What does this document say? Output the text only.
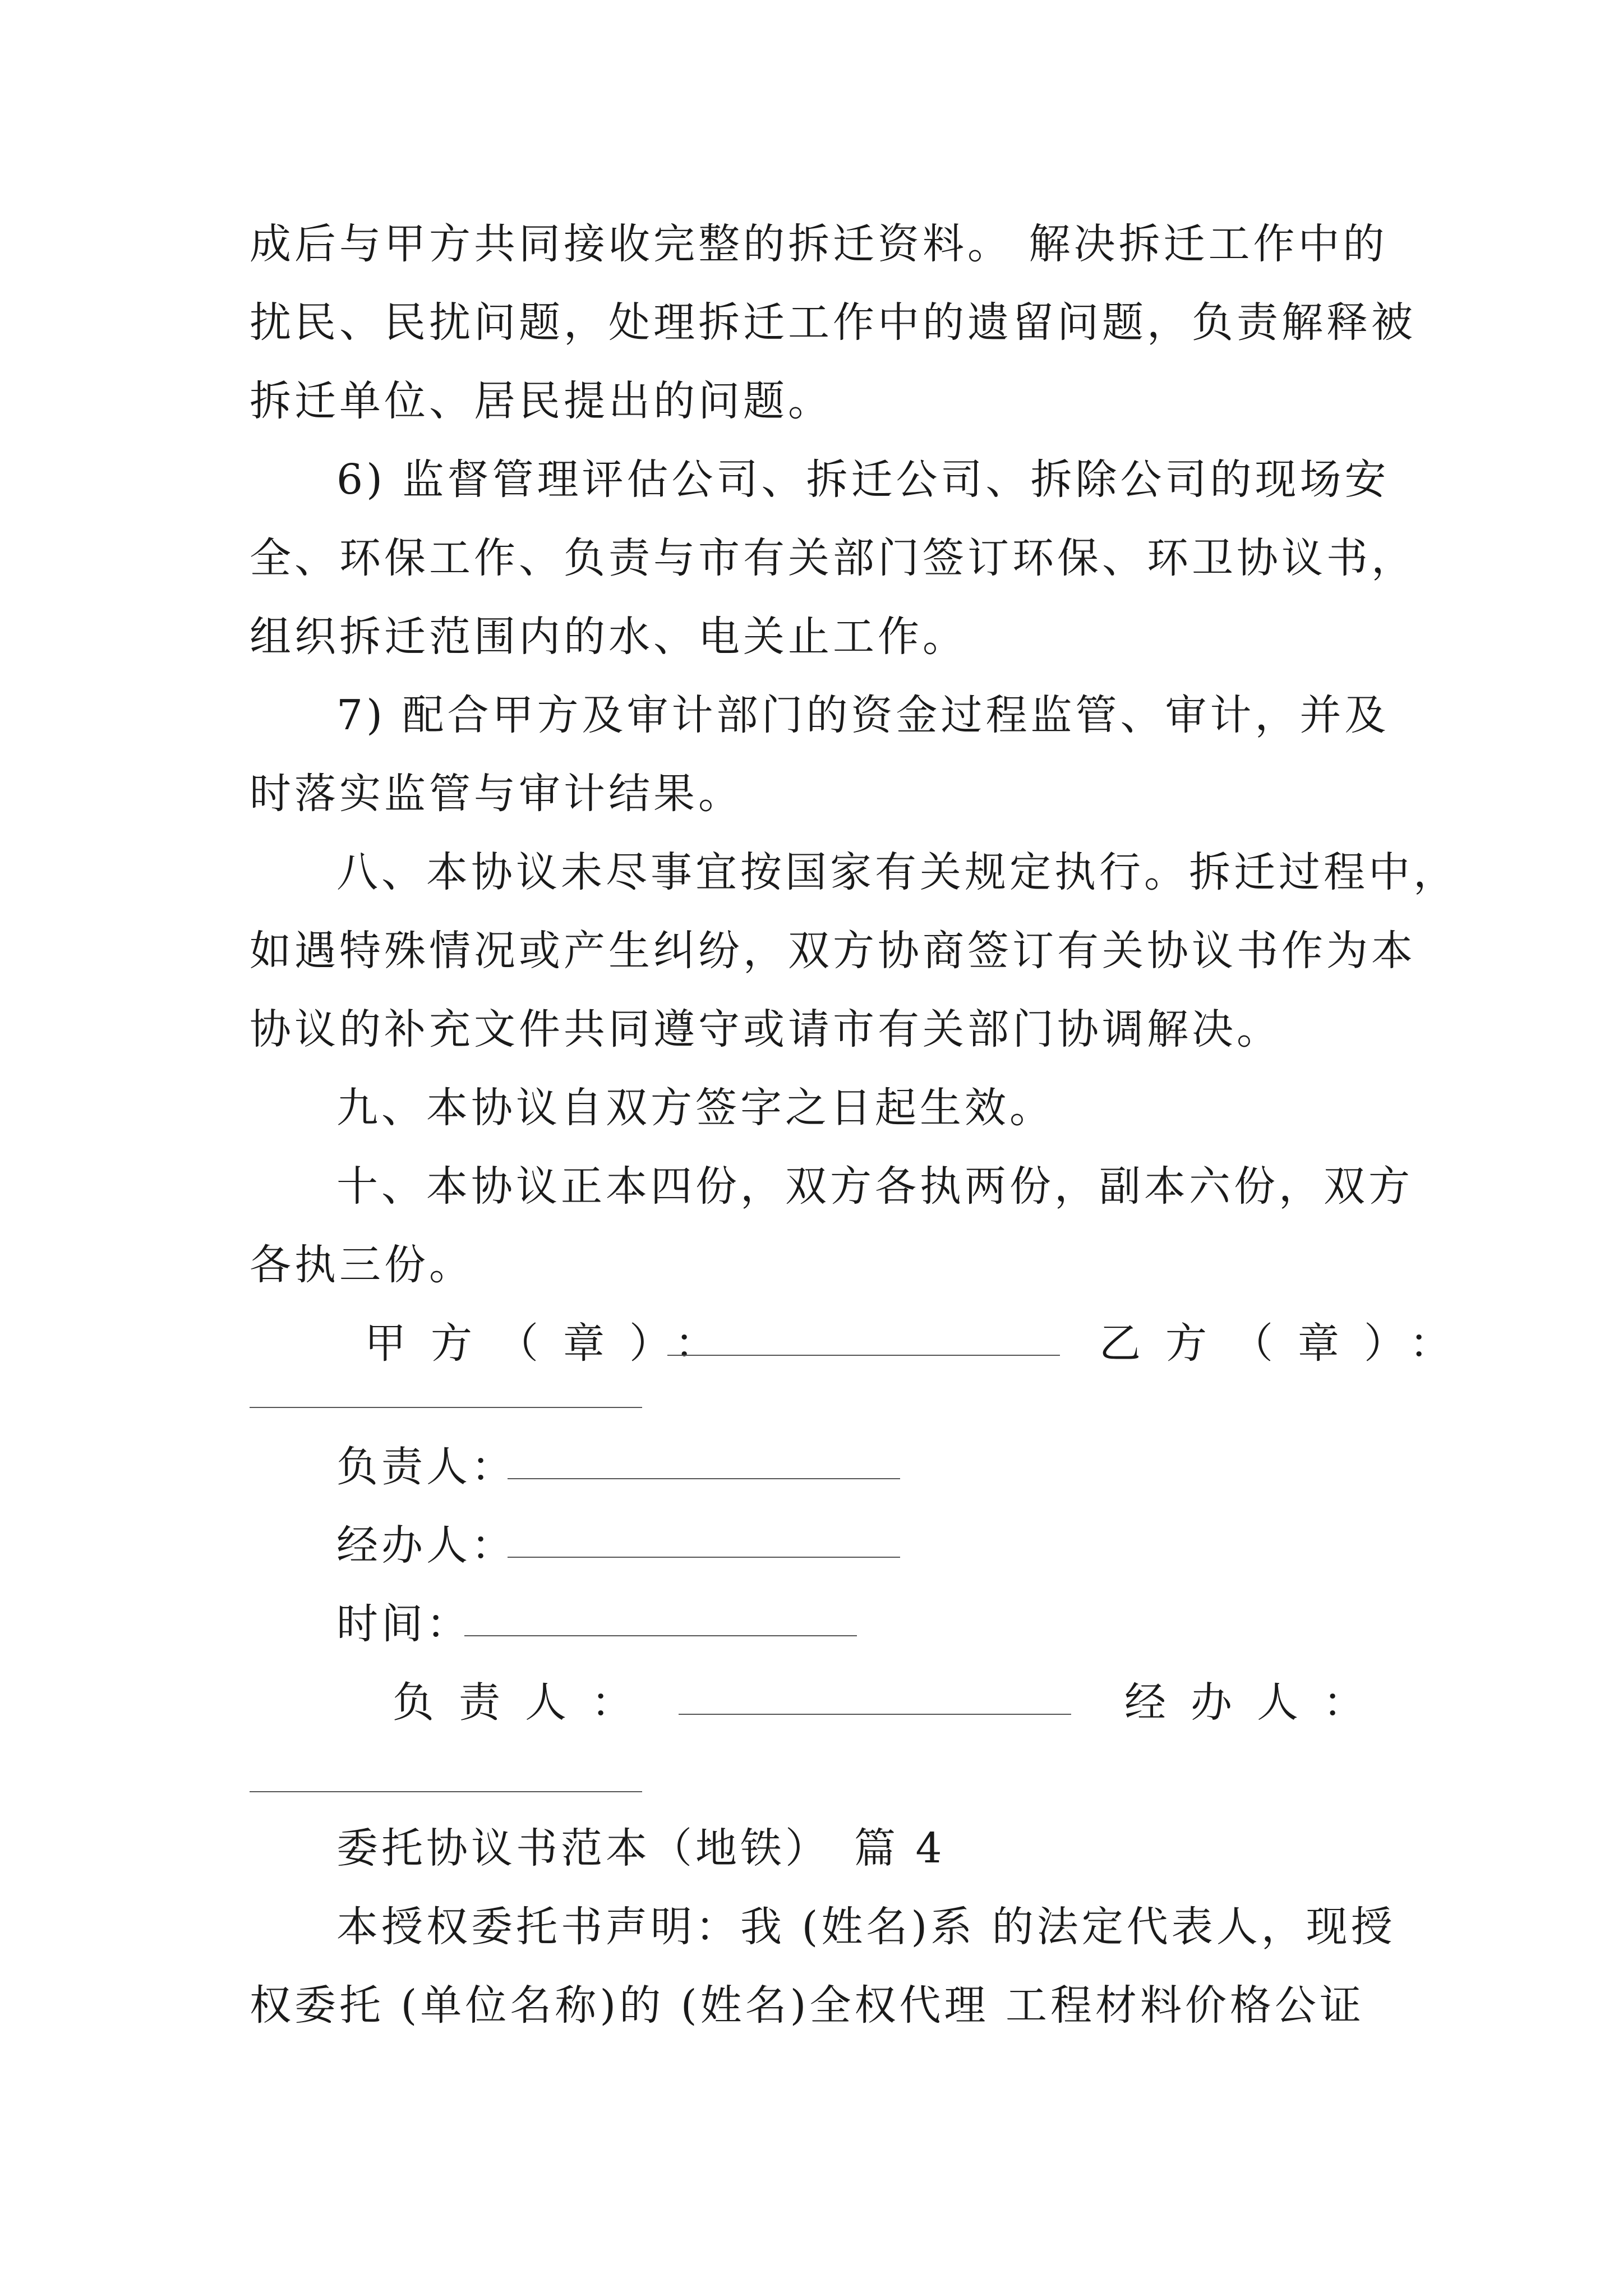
成后与甲方共同接收完整的拆迁资料。 解决拆迁工作中的
扰民、民扰问题，处理拆迁工作中的遗留问题，负责解释被
拆迁单位、居民提出的问题。
6) 监督管理评估公司、拆迁公司、拆除公司的现场安
全、环保工作、负责与市有关部门签订环保、环卫协议书，
组织拆迁范围内的水、电关止工作。
7) 配合甲方及审计部门的资金过程监管、审计，并及
时落实监管与审计结果。
八、本协议未尽事宜按国家有关规定执行。拆迁过程中，
如遇特殊情况或产生纠纷，双方协商签订有关协议书作为本
协议的补充文件共同遵守或请市有关部门协调解决。
九、本协议自双方签字之日起生效。
十、本协议正本四份，双方各执两份，副本六份，双方
各执三份。
甲方（章）：	乙方（章）：
负责人：
经办人：
时间：
负责人：	经办人：
委托协议书范本（地铁）　篇 4
本授权委托书声明：我 (姓名)系 的法定代表人，现授
权委托 (单位名称)的 (姓名)全权代理 工程材料价格公证
